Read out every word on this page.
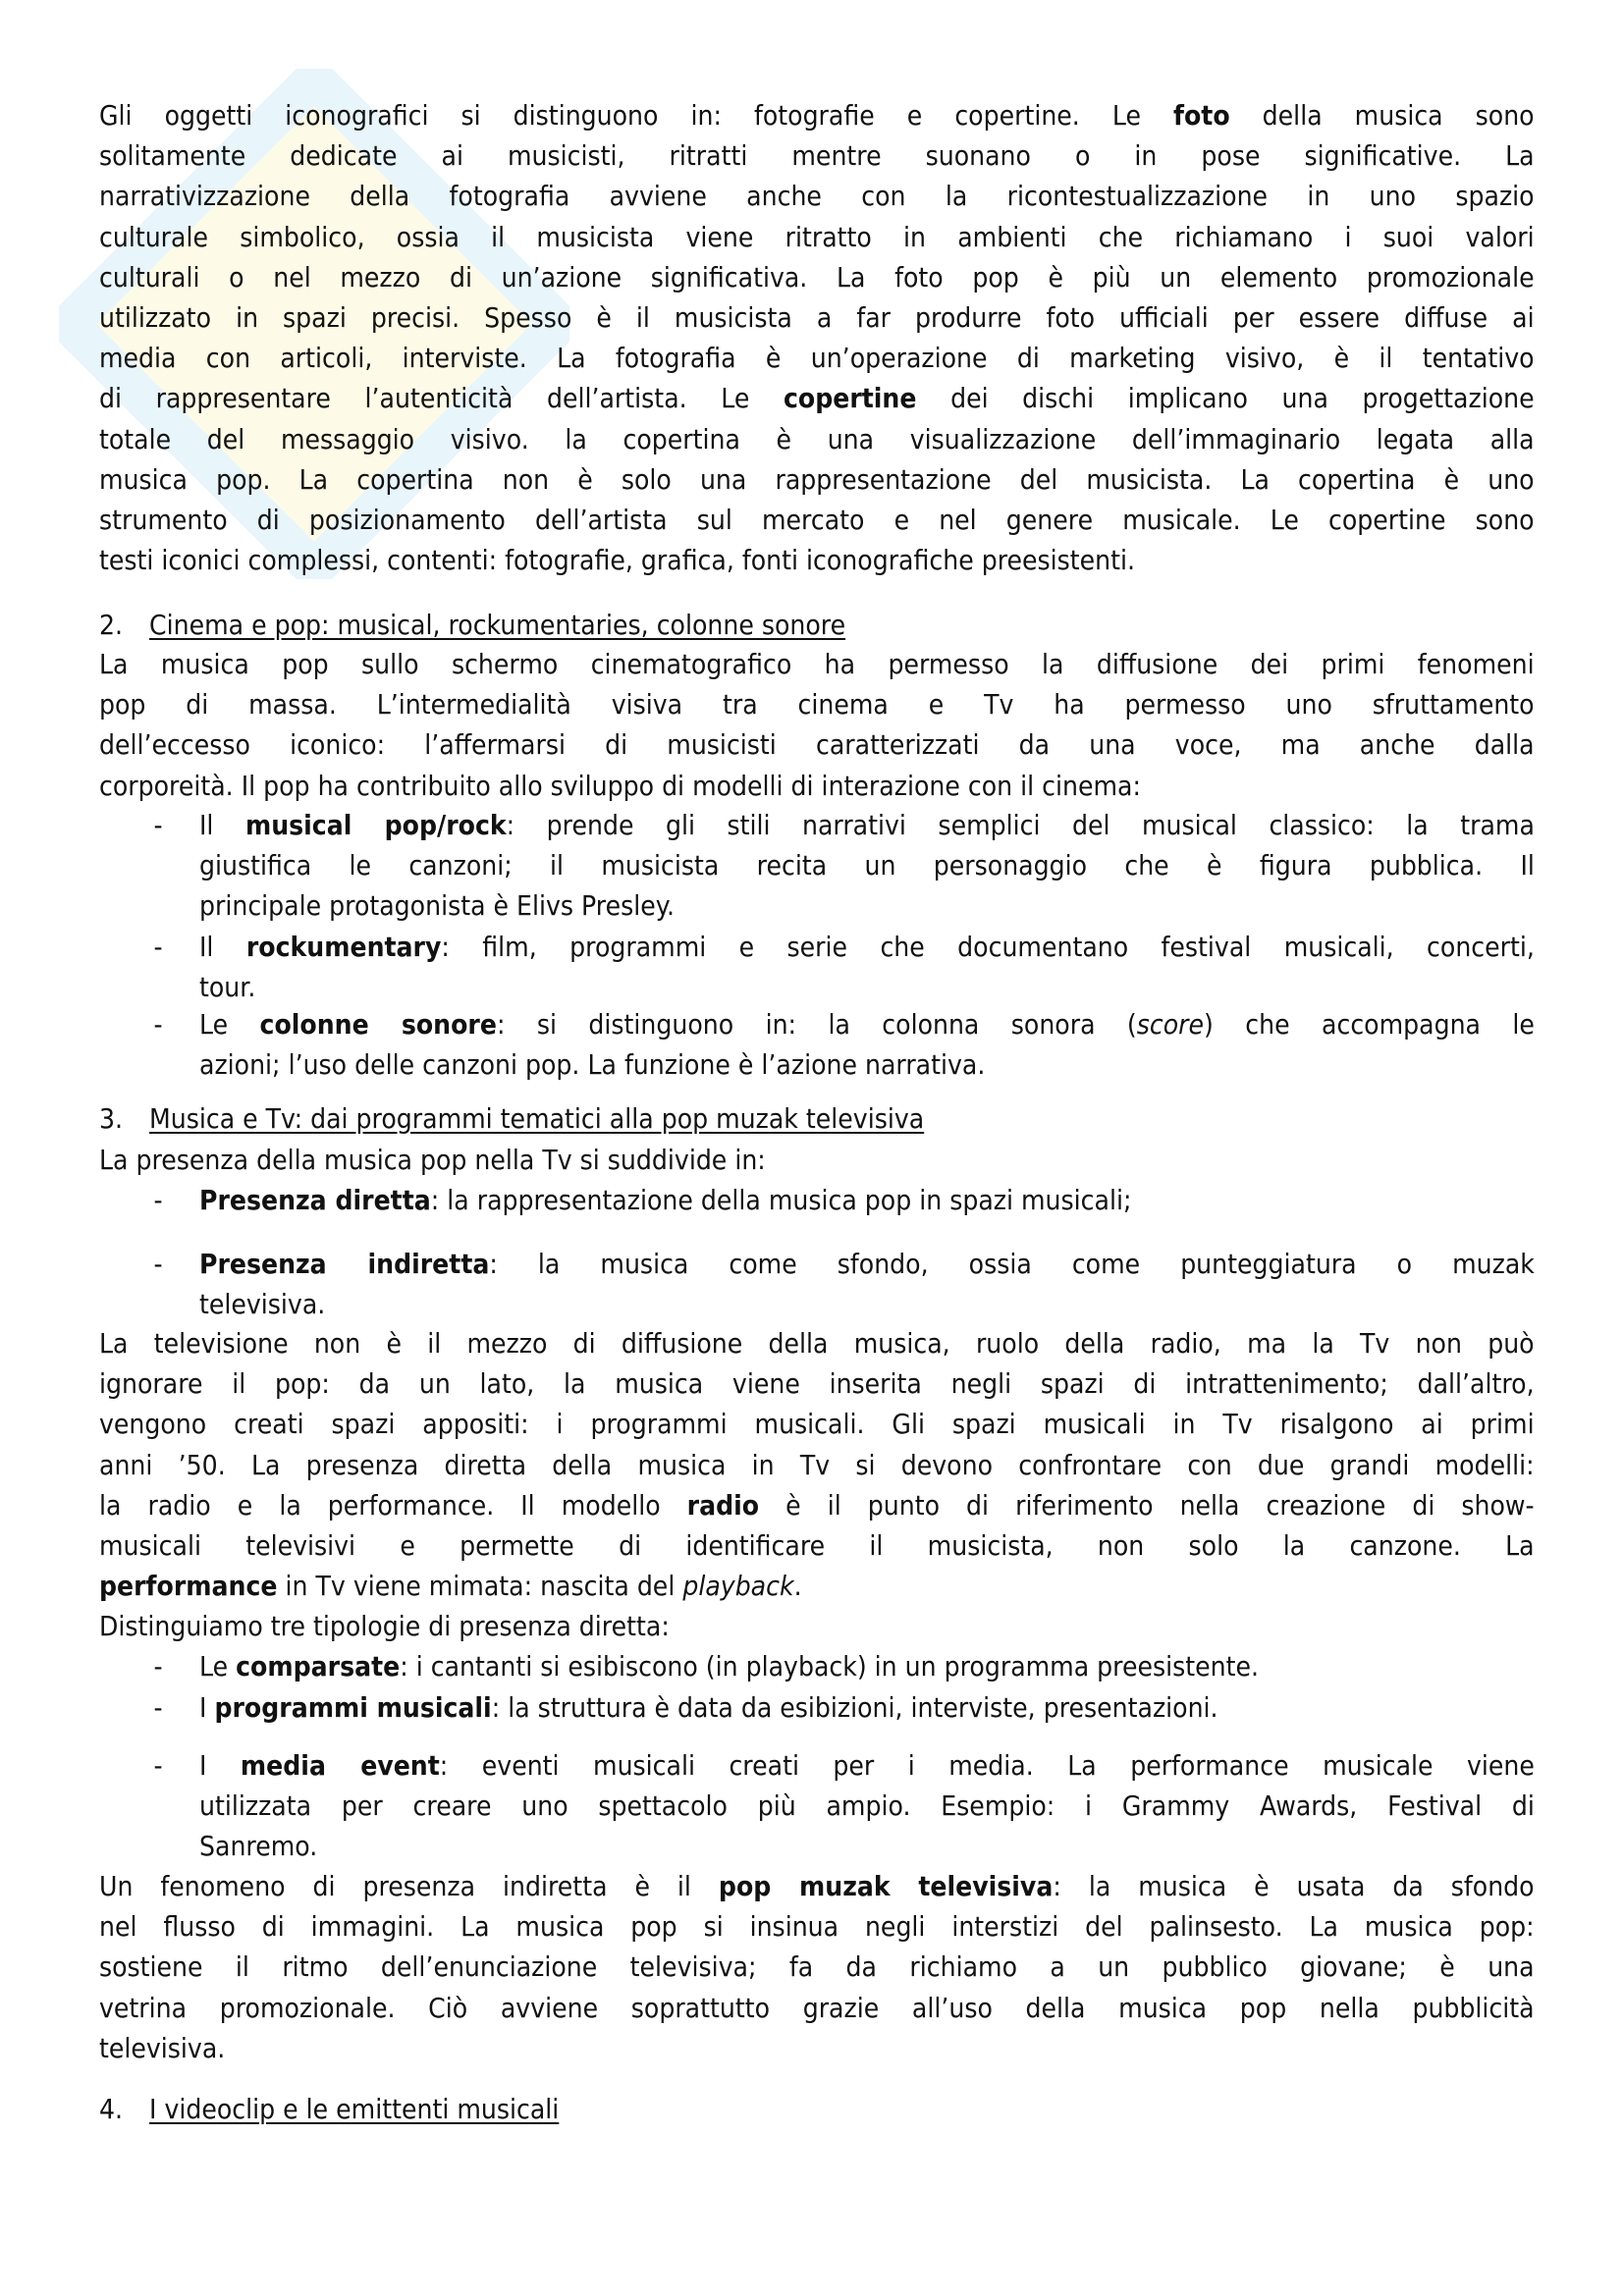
Gli oggetti iconografici si distinguono in: fotografie e copertine. Le foto della musica sono
solitamente dedicate ai musicisti, ritratti mentre suonano o in pose significative. La
narrativizzazione della fotografia avviene anche con la ricontestualizzazione in uno spazio
culturale simbolico, ossia il musicista viene ritratto in ambienti che richiamano i suoi valori
culturali o nel mezzo di un’azione significativa. La foto pop è più un elemento promozionale
utilizzato in spazi precisi. Spesso è il musicista a far produrre foto ufficiali per essere diffuse ai
media con articoli, interviste. La fotografia è un’operazione di marketing visivo, è il tentativo
di rappresentare l’autenticità dell’artista. Le copertine dei dischi implicano una progettazione
totale del messaggio visivo. la copertina è una visualizzazione dell’immaginario legata alla
musica pop. La copertina non è solo una rappresentazione del musicista. La copertina è uno
strumento di posizionamento dell’artista sul mercato e nel genere musicale. Le copertine sono
testi iconici complessi, contenti: fotografie, grafica, fonti iconografiche preesistenti.
2. Cinema e pop: musical, rockumentaries, colonne sonore
La musica pop sullo schermo cinematografico ha permesso la diffusione dei primi fenomeni
pop di massa. L’intermedialità visiva tra cinema e Tv ha permesso uno sfruttamento
dell’eccesso iconico: l’affermarsi di musicisti caratterizzati da una voce, ma anche dalla
corporeità. Il pop ha contribuito allo sviluppo di modelli di interazione con il cinema:
- Il musical pop/rock: prende gli stili narrativi semplici del musical classico: la trama
giustifica le canzoni; il musicista recita un personaggio che è figura pubblica. Il
principale protagonista è Elivs Presley.
- Il rockumentary: film, programmi e serie che documentano festival musicali, concerti,
tour.
- Le colonne sonore: si distinguono in: la colonna sonora (score) che accompagna le
azioni; l’uso delle canzoni pop. La funzione è l’azione narrativa.
3. Musica e Tv: dai programmi tematici alla pop muzak televisiva
La presenza della musica pop nella Tv si suddivide in:
- Presenza diretta: la rappresentazione della musica pop in spazi musicali;
- Presenza indiretta: la musica come sfondo, ossia come punteggiatura o muzak
televisiva.
La televisione non è il mezzo di diffusione della musica, ruolo della radio, ma la Tv non può
ignorare il pop: da un lato, la musica viene inserita negli spazi di intrattenimento; dall’altro,
vengono creati spazi appositi: i programmi musicali. Gli spazi musicali in Tv risalgono ai primi
anni ’50. La presenza diretta della musica in Tv si devono confrontare con due grandi modelli:
la radio e la performance. Il modello radio è il punto di riferimento nella creazione di show-
musicali televisivi e permette di identificare il musicista, non solo la canzone. La
performance in Tv viene mimata: nascita del playback.
Distinguiamo tre tipologie di presenza diretta:
- Le comparsate: i cantanti si esibiscono (in playback) in un programma preesistente.
- I programmi musicali: la struttura è data da esibizioni, interviste, presentazioni.
- I media event: eventi musicali creati per i media. La performance musicale viene
utilizzata per creare uno spettacolo più ampio. Esempio: i Grammy Awards, Festival di
Sanremo.
Un fenomeno di presenza indiretta è il pop muzak televisiva: la musica è usata da sfondo
nel flusso di immagini. La musica pop si insinua negli interstizi del palinsesto. La musica pop:
sostiene il ritmo dell’enunciazione televisiva; fa da richiamo a un pubblico giovane; è una
vetrina promozionale. Ciò avviene soprattutto grazie all’uso della musica pop nella pubblicità
televisiva.
4. I videoclip e le emittenti musicali
